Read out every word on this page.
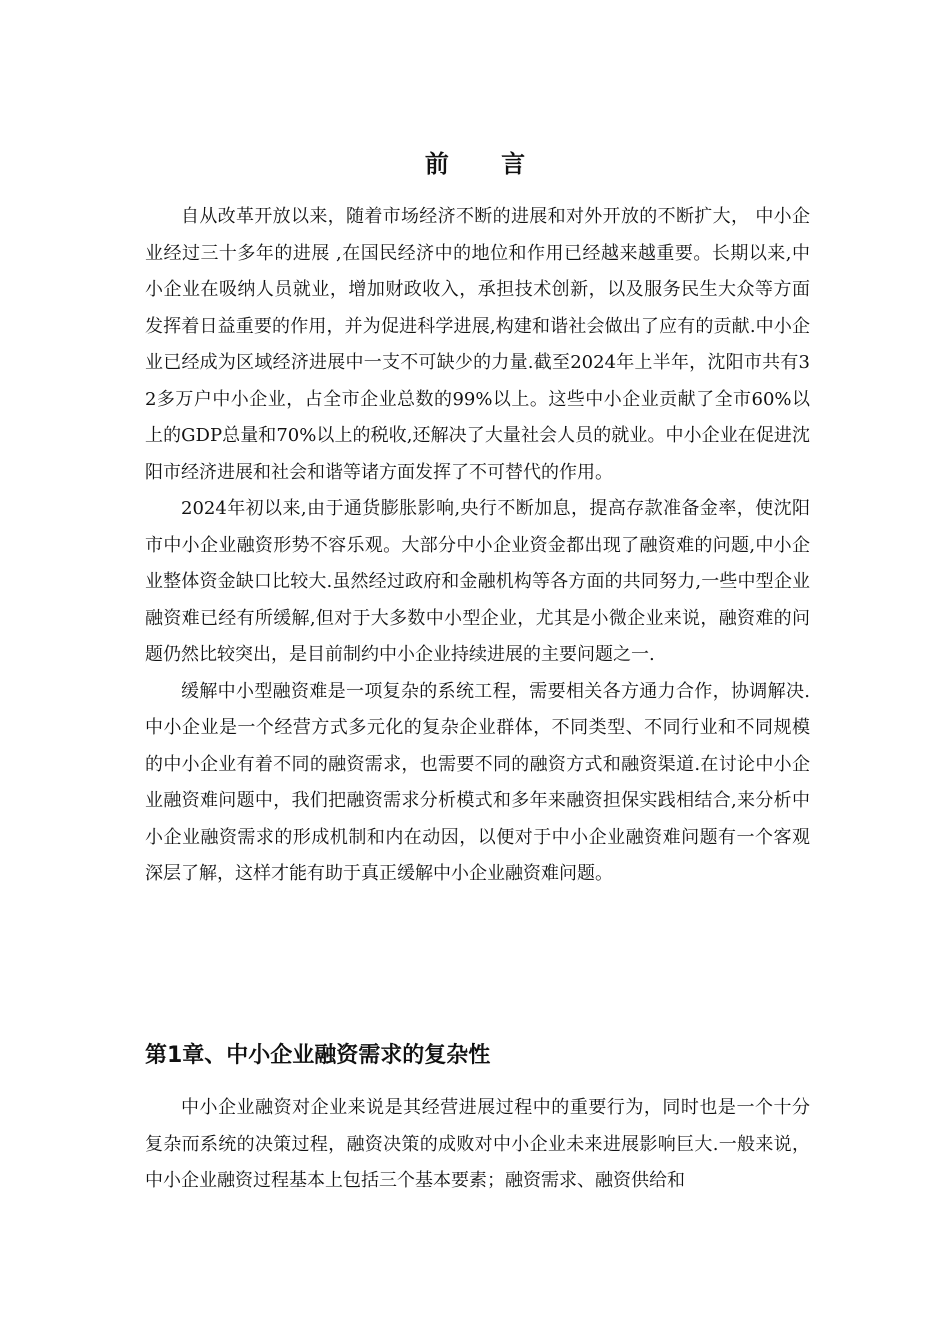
前 言

自从改革开放以来，随着市场经济不断的进展和对外开放的不断扩大， 中小企业经过三十多年的进展 ,在国民经济中的地位和作用已经越来越重要。长期以来,中小企业在吸纳人员就业，增加财政收入，承担技术创新，以及服务民生大众等方面发挥着日益重要的作用，并为促进科学进展,构建和谐社会做出了应有的贡献.中小企业已经成为区域经济进展中一支不可缺少的力量.截至2024年上半年，沈阳市共有32多万户中小企业，占全市企业总数的99%以上。这些中小企业贡献了全市60%以上的GDP总量和70%以上的税收,还解决了大量社会人员的就业。中小企业在促进沈阳市经济进展和社会和谐等诸方面发挥了不可替代的作用。

2024年初以来,由于通货膨胀影响,央行不断加息，提高存款准备金率，使沈阳市中小企业融资形势不容乐观。大部分中小企业资金都出现了融资难的问题,中小企业整体资金缺口比较大.虽然经过政府和金融机构等各方面的共同努力,一些中型企业融资难已经有所缓解,但对于大多数中小型企业，尤其是小微企业来说，融资难的问题仍然比较突出，是目前制约中小企业持续进展的主要问题之一.

缓解中小型融资难是一项复杂的系统工程，需要相关各方通力合作，协调解决.中小企业是一个经营方式多元化的复杂企业群体，不同类型、不同行业和不同规模的中小企业有着不同的融资需求，也需要不同的融资方式和融资渠道.在讨论中小企业融资难问题中，我们把融资需求分析模式和多年来融资担保实践相结合,来分析中小企业融资需求的形成机制和内在动因，以便对于中小企业融资难问题有一个客观深层了解，这样才能有助于真正缓解中小企业融资难问题。

第1章、中小企业融资需求的复杂性

中小企业融资对企业来说是其经营进展过程中的重要行为，同时也是一个十分复杂而系统的决策过程，融资决策的成败对中小企业未来进展影响巨大.一般来说，中小企业融资过程基本上包括三个基本要素；融资需求、融资供给和
